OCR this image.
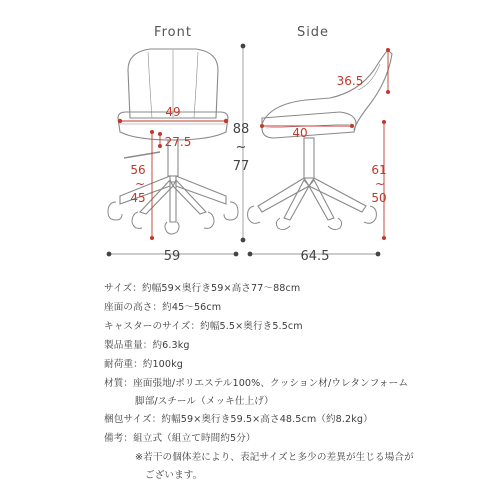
Front	Side
49
27.5
56
~
45
88
~
77
59
36.5
40
61
~
50
64.5
サイズ：約幅59×奥行き59×高さ77〜88cm
座面の高さ：約45〜56cm
キャスターのサイズ：約幅5.5×奥行き5.5cm
製品重量：約6.3kg
耐荷重：約100kg
材質：座面張地/ポリエステル100%、クッション材/ウレタンフォーム
脚部/スチール（メッキ仕上げ）
梱包サイズ：約幅59×奥行き59.5×高さ48.5cm（約8.2kg）
備考：組立式（組立て時間約5分）
※若干の個体差により、表記サイズと多少の差異が生じる場合が
ございます。
